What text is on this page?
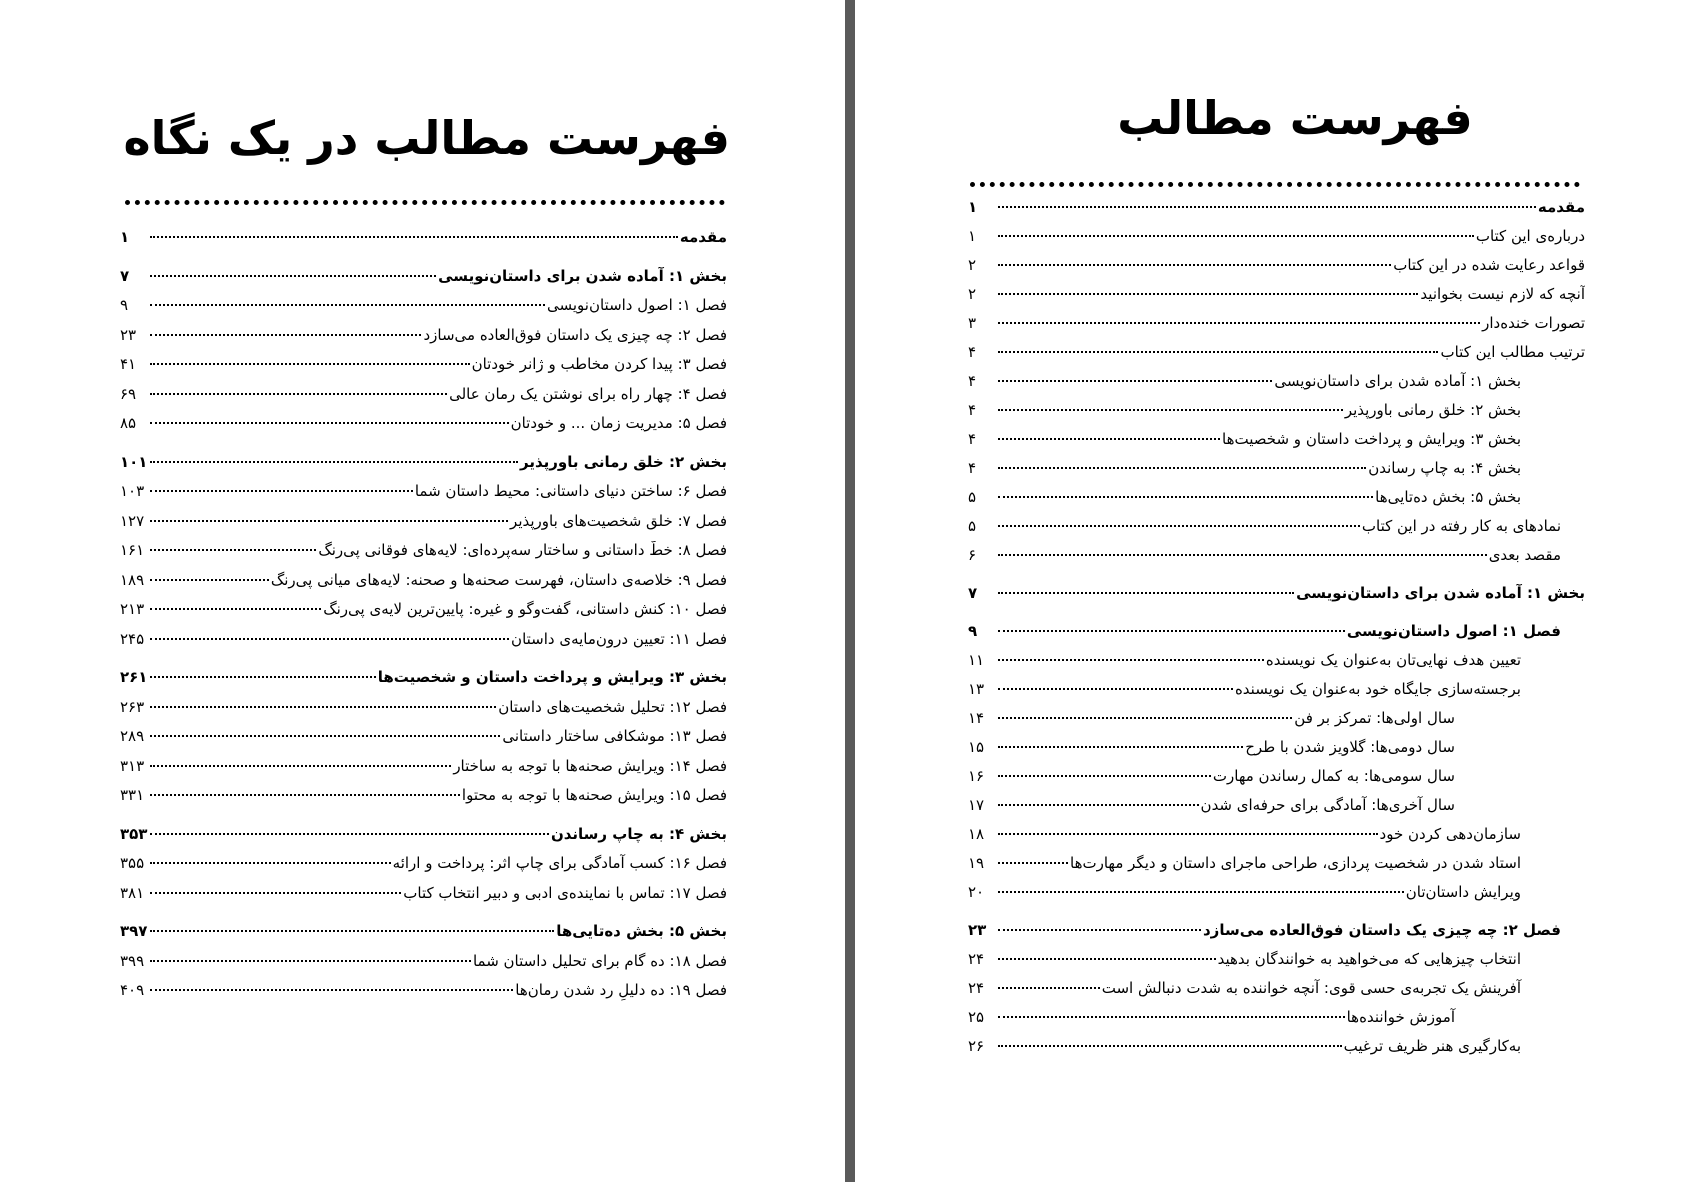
فهرست مطالب در یک نگاه
مقدمه
۱
بخش ۱: آماده شدن برای داستان‌نویسی
۷
فصل ۱: اصول داستان‌نویسی
۹
فصل ۲: چه چیزی یک داستان فوق‌العاده می‌سازد
۲۳
فصل ۳: پیدا کردن مخاطب و ژانر خودتان
۴۱
فصل ۴: چهار راه برای نوشتن یک رمان عالی
۶۹
فصل ۵: مدیریت زمان ... و خودتان
۸۵
بخش ۲: خلق رمانی باورپذیر
۱۰۱
فصل ۶: ساختن دنیای داستانی: محیط داستان شما
۱۰۳
فصل ۷: خلق شخصیت‌های باورپذیر
۱۲۷
فصل ۸: خطّ داستانی و ساختار سه‌پرده‌ای: لایه‌های فوقانی پی‌رنگ
۱۶۱
فصل ۹: خلاصه‌ی داستان، فهرست صحنه‌ها و صحنه: لایه‌های میانی پی‌رنگ
۱۸۹
فصل ۱۰: کنش داستانی، گفت‌وگو و غیره: پایین‌ترین لایه‌ی پی‌رنگ
۲۱۳
فصل ۱۱: تعیین درون‌مایه‌ی داستان
۲۴۵
بخش ۳: ویرایش و پرداخت داستان و شخصیت‌ها
۲۶۱
فصل ۱۲: تحلیل شخصیت‌های داستان
۲۶۳
فصل ۱۳: موشکافی ساختار داستانی
۲۸۹
فصل ۱۴: ویرایش صحنه‌ها با توجه به ساختار
۳۱۳
فصل ۱۵: ویرایش صحنه‌ها با توجه به محتوا
۳۳۱
بخش ۴: به چاپ رساندن
۳۵۳
فصل ۱۶: کسب آمادگی برای چاپ اثر: پرداخت و ارائه
۳۵۵
فصل ۱۷: تماس با نماینده‌ی ادبی و دبیر انتخاب کتاب
۳۸۱
بخش ۵: بخش ده‌تایی‌ها
۳۹۷
فصل ۱۸: ده گام برای تحلیل داستان شما
۳۹۹
فصل ۱۹: ده دلیلِ رد شدن رمان‌ها
۴۰۹
فهرست مطالب
مقدمه
۱
درباره‌ی این کتاب
۱
قواعد رعایت شده در این کتاب
۲
آنچه که لازم نیست بخوانید
۲
تصورات خنده‌دار
۳
ترتیب مطالب این کتاب
۴
بخش ۱: آماده شدن برای داستان‌نویسی
۴
بخش ۲: خلق رمانی باورپذیر
۴
بخش ۳: ویرایش و پرداخت داستان و شخصیت‌ها
۴
بخش ۴: به چاپ رساندن
۴
بخش ۵: بخش ده‌تایی‌ها
۵
نمادهای به کار رفته در این کتاب
۵
مقصد بعدی
۶
بخش ۱: آماده شدن برای داستان‌نویسی
۷
فصل ۱: اصول داستان‌نویسی
۹
تعیین هدف نهایی‌تان به‌عنوان یک نویسنده
۱۱
برجسته‌سازی جایگاه خود به‌عنوان یک نویسنده
۱۳
سال اولی‌ها: تمرکز بر فن
۱۴
سال دومی‌ها: گلاویز شدن با طرح
۱۵
سال سومی‌ها: به کمال رساندن مهارت
۱۶
سال آخری‌ها: آمادگی برای حرفه‌ای شدن
۱۷
سازمان‌دهی کردن خود
۱۸
استاد شدن در شخصیت پردازی، طراحی ماجرای داستان و دیگر مهارت‌ها
۱۹
ویرایش داستان‌تان
۲۰
فصل ۲: چه چیزی یک داستان فوق‌العاده می‌سازد
۲۳
انتخاب چیزهایی که می‌خواهید به خوانندگان بدهید
۲۴
آفرینش یک تجربه‌ی حسی قوی: آنچه خواننده به شدت دنبالش است
۲۴
آموزش خواننده‌ها
۲۵
به‌کارگیری هنر ظریف ترغیب
۲۶
